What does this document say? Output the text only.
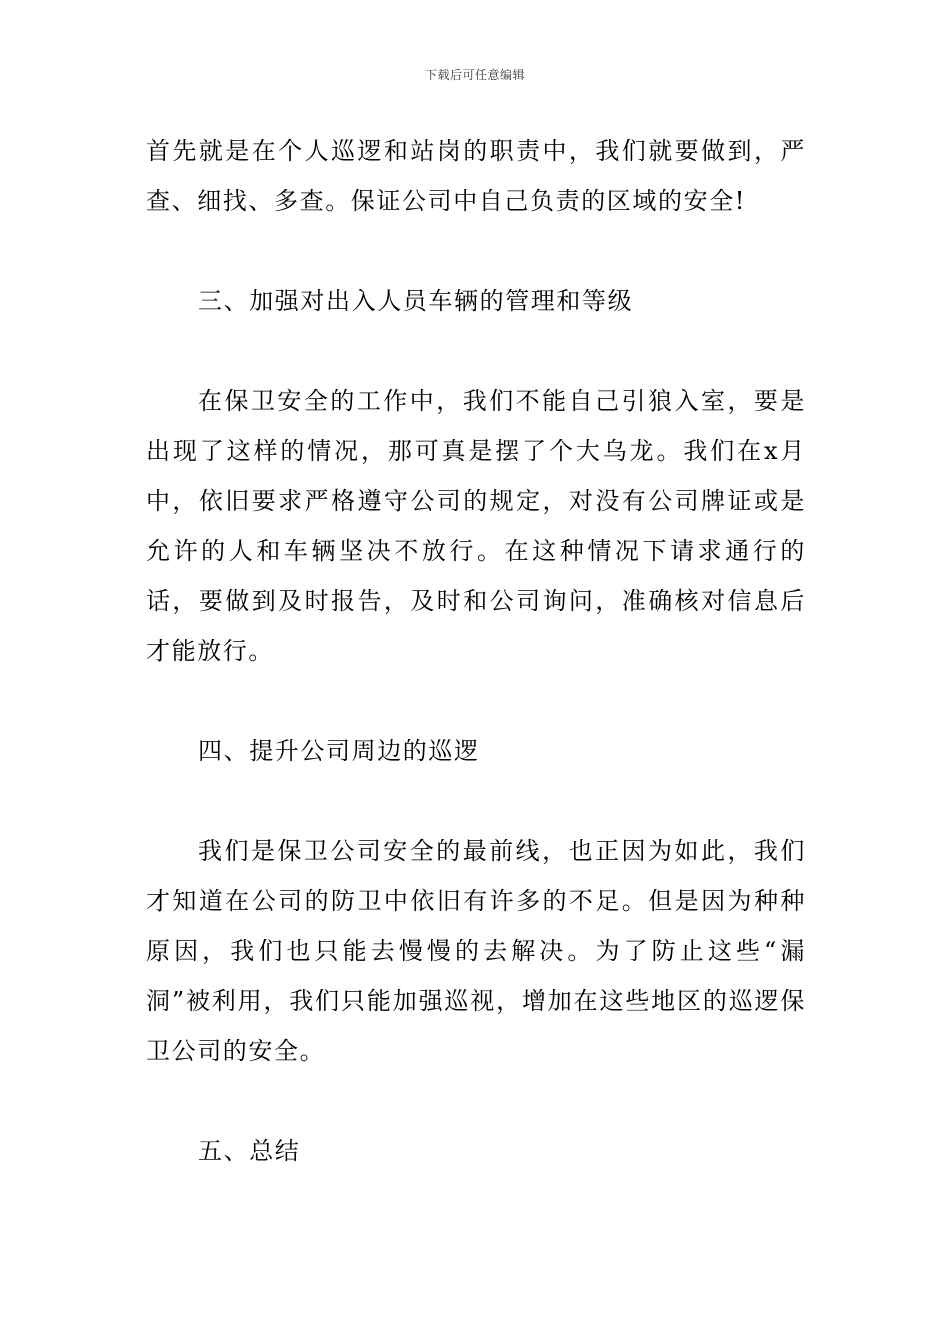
下载后可任意编辑

首先就是在个人巡逻和站岗的职责中，我们就要做到，严查、细找、多查。保证公司中自己负责的区域的安全!

三、加强对出入人员车辆的管理和等级

在保卫安全的工作中，我们不能自己引狼入室，要是出现了这样的情况，那可真是摆了个大乌龙。我们在x月中，依旧要求严格遵守公司的规定，对没有公司牌证或是允许的人和车辆坚决不放行。在这种情况下请求通行的话，要做到及时报告，及时和公司询问，准确核对信息后才能放行。

四、提升公司周边的巡逻

我们是保卫公司安全的最前线，也正因为如此，我们才知道在公司的防卫中依旧有许多的不足。但是因为种种原因，我们也只能去慢慢的去解决。为了防止这些“漏洞”被利用，我们只能加强巡视，增加在这些地区的巡逻保卫公司的安全。

五、总结
